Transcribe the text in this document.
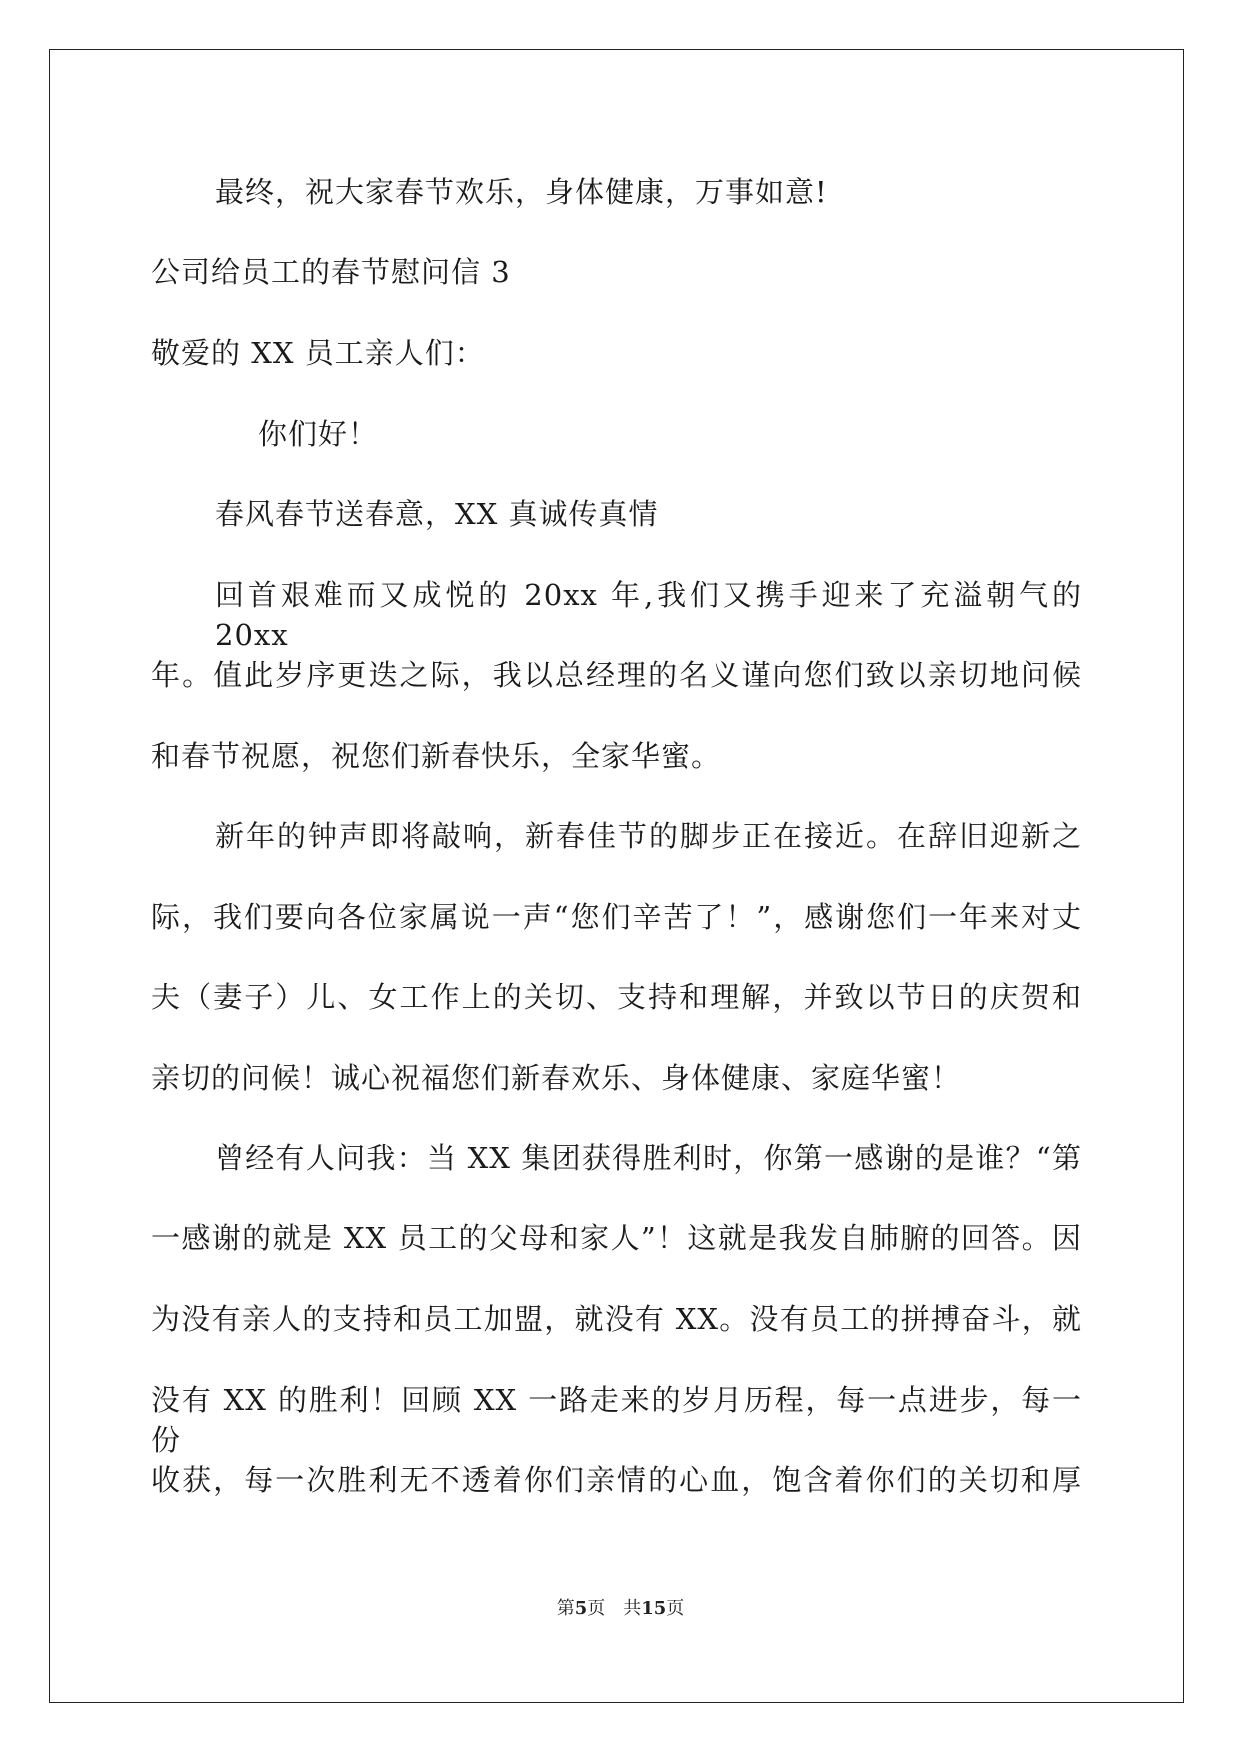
最终，祝大家春节欢乐，身体健康，万事如意!
公司给员工的春节慰问信 3
敬爱的 XX 员工亲人们：
你们好！
春风春节送春意，XX 真诚传真情
回首艰难而又成悦的 20xx 年,我们又携手迎来了充溢朝气的 20xx
年。值此岁序更迭之际，我以总经理的名义谨向您们致以亲切地问候
和春节祝愿，祝您们新春快乐，全家华蜜。
新年的钟声即将敲响，新春佳节的脚步正在接近。在辞旧迎新之
际，我们要向各位家属说一声“您们辛苦了！”，感谢您们一年来对丈
夫（妻子）儿、女工作上的关切、支持和理解，并致以节日的庆贺和
亲切的问候！诚心祝福您们新春欢乐、身体健康、家庭华蜜！
曾经有人问我：当 XX 集团获得胜利时，你第一感谢的是谁？“第
一感谢的就是 XX 员工的父母和家人”！这就是我发自肺腑的回答。因
为没有亲人的支持和员工加盟，就没有 XX。没有员工的拼搏奋斗，就
没有 XX 的胜利！回顾 XX 一路走来的岁月历程，每一点进步，每一份
收获，每一次胜利无不透着你们亲情的心血，饱含着你们的关切和厚
第5页　共15页
